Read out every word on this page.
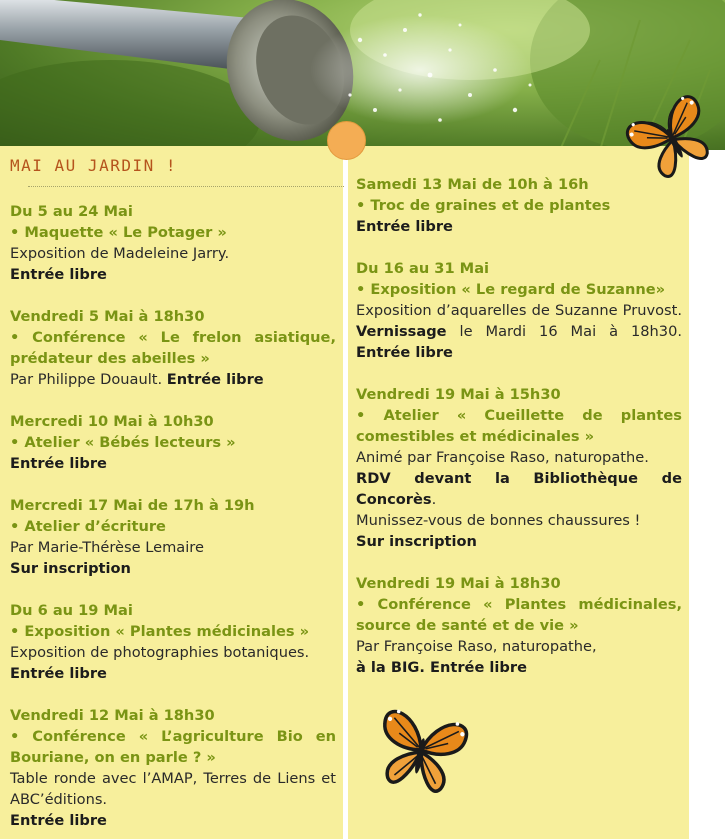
MAI AU JARDIN !

Du 5 au 24 Mai

• Maquette « Le Potager »

Exposition de Madeleine Jarry.

Entrée libre

Vendredi 5 Mai à 18h30

• Conférence « Le frelon asiatique, prédateur des abeilles »

Par Philippe Douault. Entrée libre

Mercredi 10 Mai à 10h30

• Atelier « Bébés lecteurs »

Entrée libre

Mercredi 17 Mai de 17h à 19h

• Atelier d’écriture

Par Marie-Thérèse Lemaire

Sur inscription

Du 6 au 19 Mai

• Exposition « Plantes médicinales »

Exposition de photographies botaniques. Entrée libre

Vendredi 12 Mai à 18h30

• Conférence « L’agriculture Bio en Bouriane, on en parle ? »

Table ronde avec l’AMAP, Terres de Liens et ABC’éditions.

Entrée libre

Samedi 13 Mai de 10h à 16h

• Troc de graines et de plantes

Entrée libre

Du 16 au 31 Mai

• Exposition « Le regard de Suzanne»

Exposition d’aquarelles de Suzanne Pruvost. Vernissage le Mardi 16 Mai à 18h30. Entrée libre

Vendredi 19 Mai à 15h30

• Atelier « Cueillette de plantes comestibles et médicinales »

Animé par Françoise Raso, naturopathe.

RDV devant la Bibliothèque de Concorès.

Munissez-vous de bonnes chaussures !

Sur inscription

Vendredi 19 Mai à 18h30

• Conférence « Plantes médicinales, source de santé et de vie »

Par Françoise Raso, naturopathe,

à la BIG. Entrée libre
